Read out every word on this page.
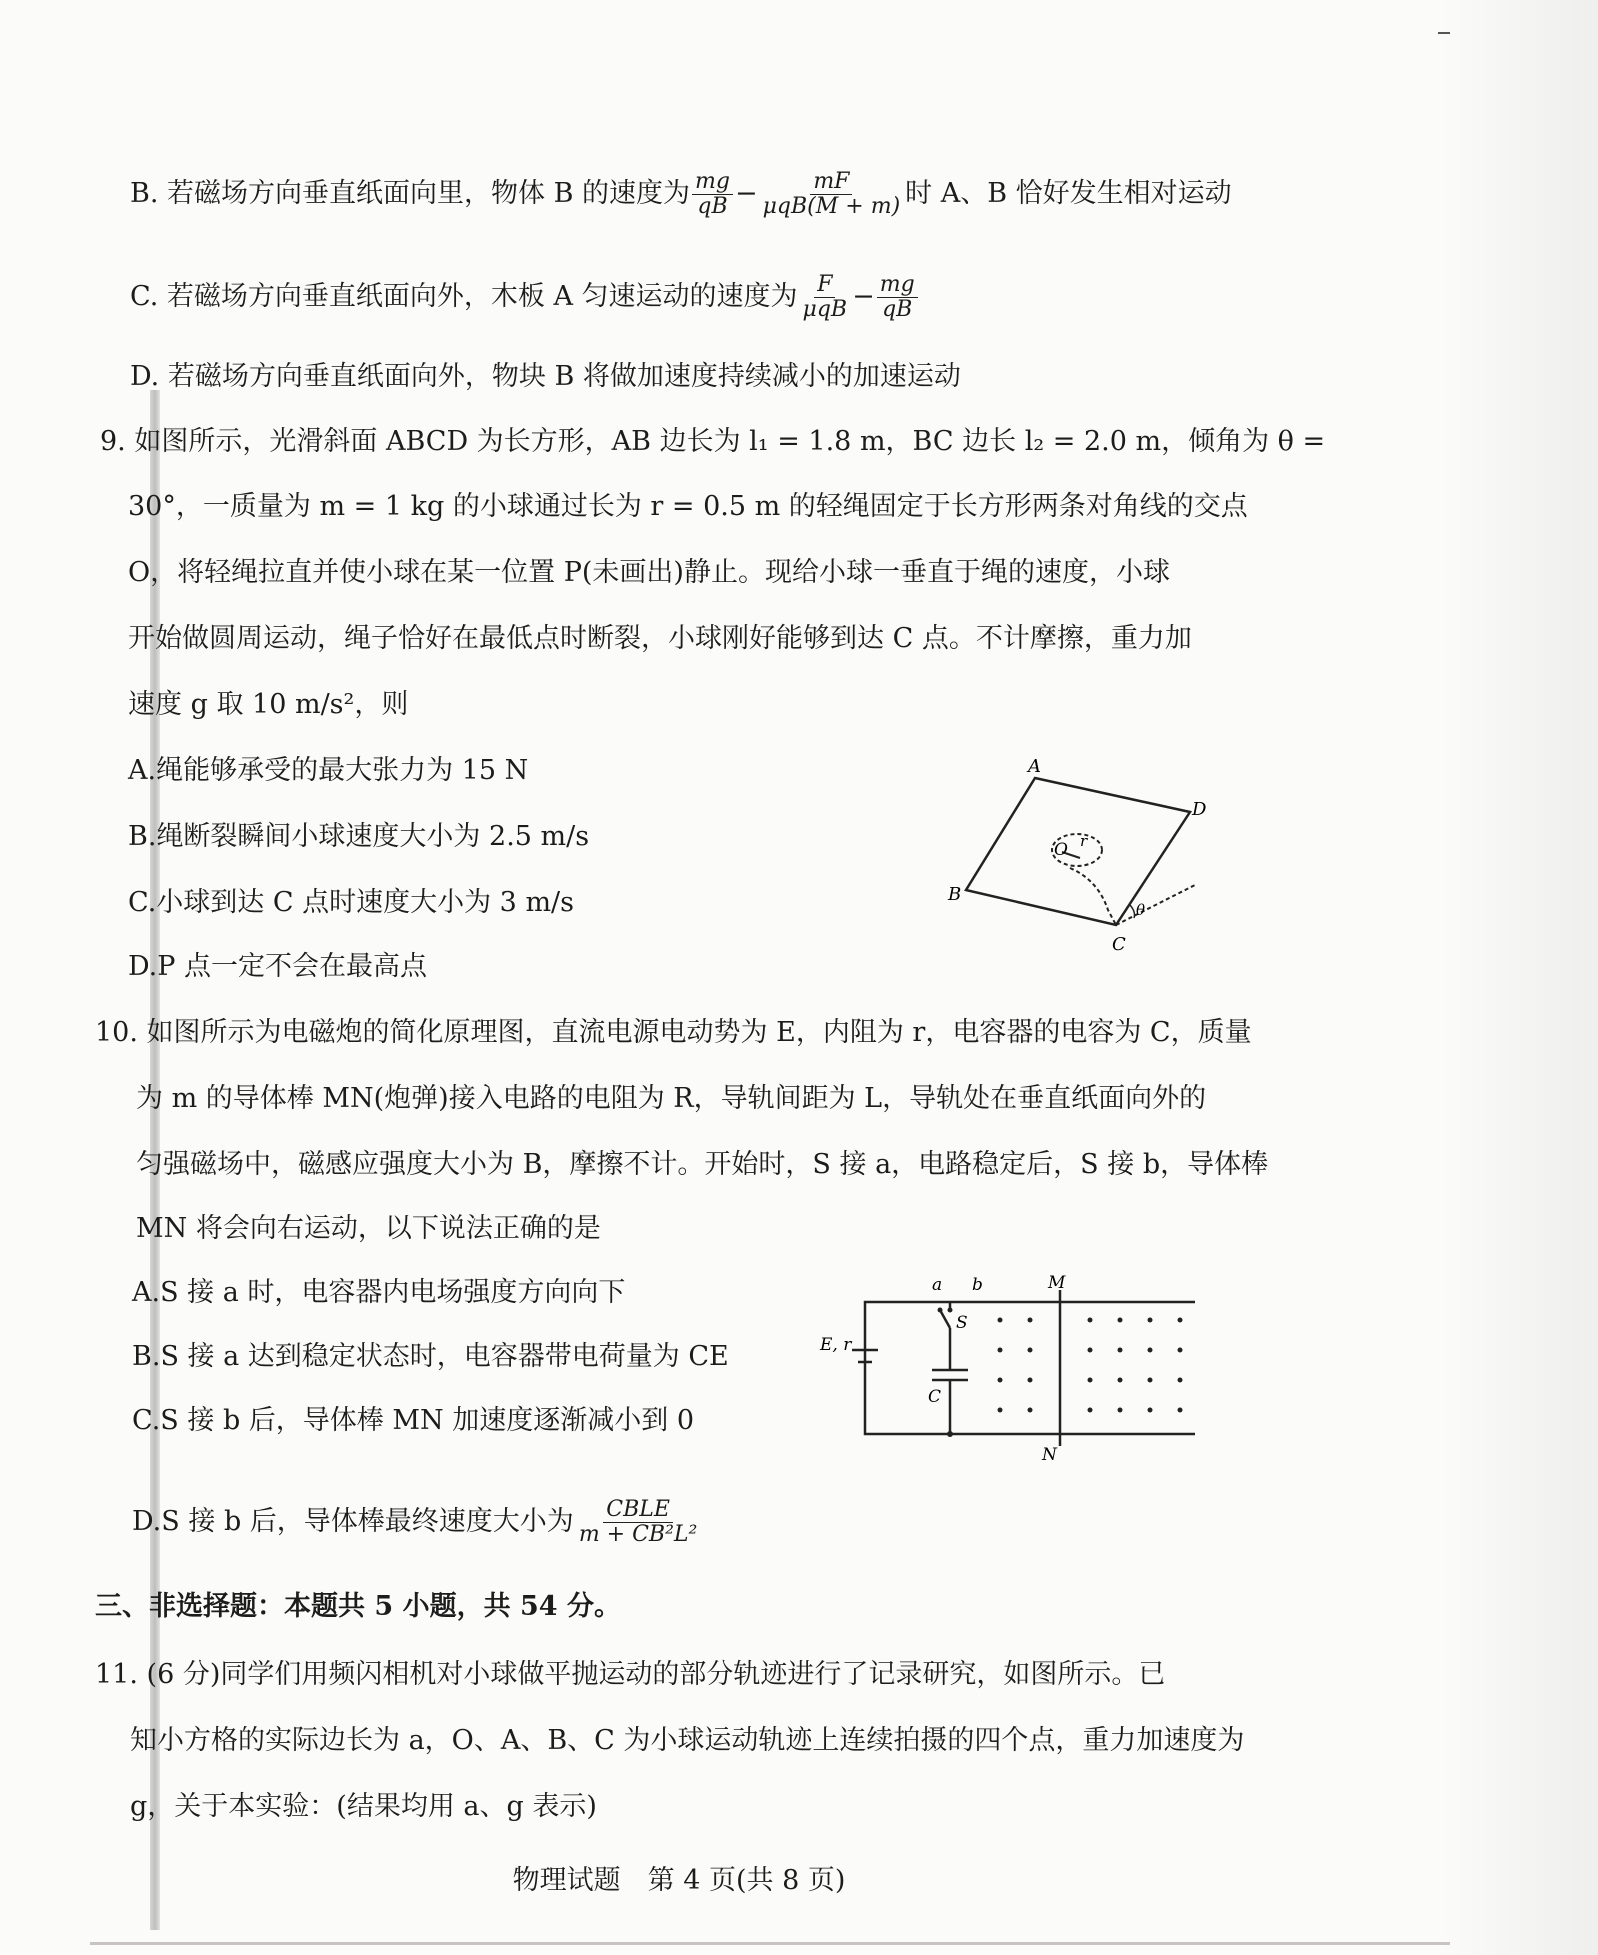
B. 若磁场方向垂直纸面向里，物体 B 的速度为 $\frac{mg}{qB} - \frac{mF}{\text{μqB(M + m)}}$ 时 A、B 恰好发生相对运动
C. 若磁场方向垂直纸面向外，木板 A 匀速运动的速度为 $\frac{F}{\text{μqB}} - \frac{mg}{qB}$
D. 若磁场方向垂直纸面向外，物块 B 将做加速度持续减小的加速运动
9. 如图所示，光滑斜面 ABCD 为长方形，AB 边长为 l₁ = 1.8 m，BC 边长 l₂ = 2.0 m，倾角为 θ =
30°，一质量为 m = 1 kg 的小球通过长为 r = 0.5 m 的轻绳固定于长方形两条对角线的交点
O，将轻绳拉直并使小球在某一位置 P(未画出)静止。现给小球一垂直于绳的速度，小球
开始做圆周运动，绳子恰好在最低点时断裂，小球刚好能够到达 C 点。不计摩擦，重力加
速度 g 取 10 m/s²，则
A.绳能够承受的最大张力为 15 N
B.绳断裂瞬间小球速度大小为 2.5 m/s
C.小球到达 C 点时速度大小为 3 m/s
D.P 点一定不会在最高点
A
D
B
C
O r
θ
10. 如图所示为电磁炮的简化原理图，直流电源电动势为 E，内阻为 r，电容器的电容为 C，质量
为 m 的导体棒 MN(炮弹)接入电路的电阻为 R，导轨间距为 L，导轨处在垂直纸面向外的
匀强磁场中，磁感应强度大小为 B，摩擦不计。开始时，S 接 a，电路稳定后，S 接 b，导体棒
MN 将会向右运动，以下说法正确的是
A.S 接 a 时，电容器内电场强度方向向下
B.S 接 a 达到稳定状态时，电容器带电荷量为 CE
C.S 接 b 后，导体棒 MN 加速度逐渐减小到 0
D.S 接 b 后，导体棒最终速度大小为 $\frac{\text{CBLE}}{\text{m + CB²L²}}$
a b	M
S
E, r
C
N
三、非选择题：本题共 5 小题，共 54 分。
11. (6 分)同学们用频闪相机对小球做平抛运动的部分轨迹进行了记录研究，如图所示。已
知小方格的实际边长为 a，O、A、B、C 为小球运动轨迹上连续拍摄的四个点，重力加速度为
g，关于本实验：(结果均用 a、g 表示)
物理试题　第 4 页(共 8 页)
